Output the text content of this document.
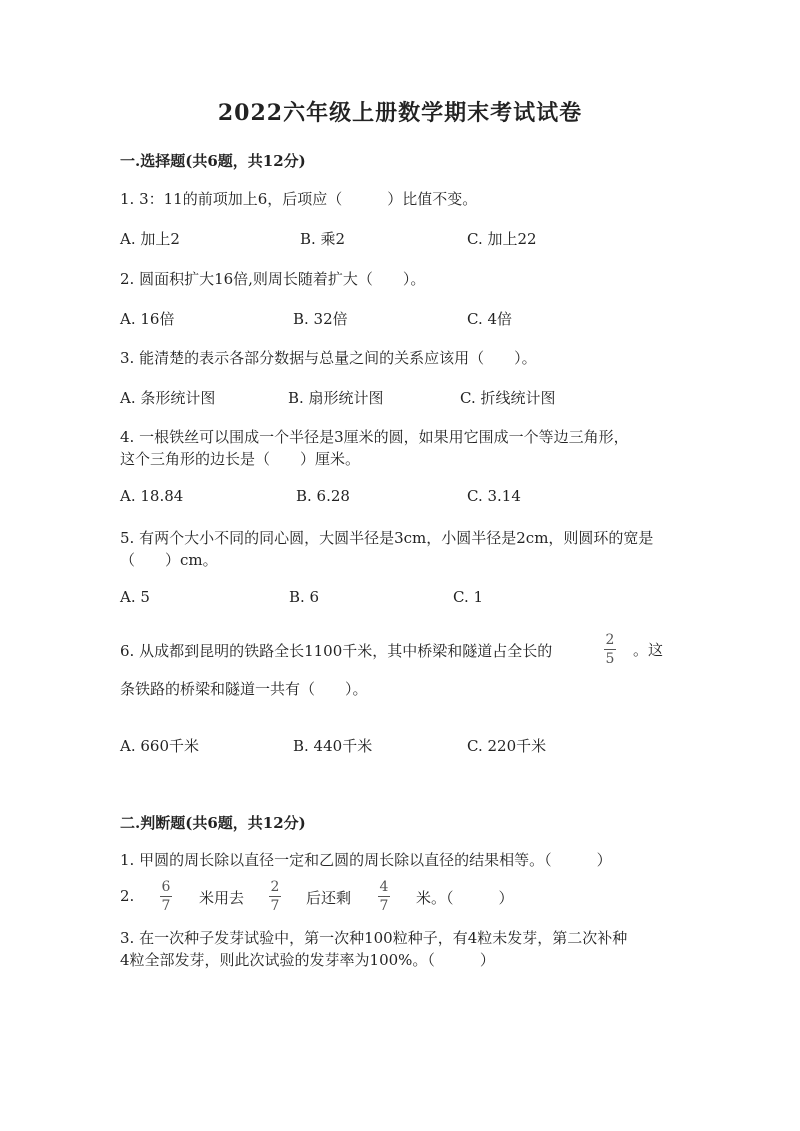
2022六年级上册数学期末考试试卷
一.选择题(共6题，共12分)
1. 3：11的前项加上6，后项应（　　　）比值不变。
A. 加上2	B. 乘2	C. 加上22
2. 圆面积扩大16倍,则周长随着扩大（　　）。
A. 16倍	B. 32倍	C. 4倍
3. 能清楚的表示各部分数据与总量之间的关系应该用（　　）。
A. 条形统计图	B. 扇形统计图	C. 折线统计图
4. 一根铁丝可以围成一个半径是3厘米的圆，如果用它围成一个等边三角形，
这个三角形的边长是（　　）厘米。
A. 18.84	B. 6.28	C. 3.14
5. 有两个大小不同的同心圆，大圆半径是3cm，小圆半径是2cm，则圆环的宽是
（　　）cm。
A. 5	B. 6	C. 1
6. 从成都到昆明的铁路全长1100千米，其中桥梁和隧道占全长的
2
5 。这
条铁路的桥梁和隧道一共有（　　）。
A. 660千米	B. 440千米	C. 220千米
二.判断题(共6题，共12分)
1. 甲圆的周长除以直径一定和乙圆的周长除以直径的结果相等。（　　　）
2. 6
7 米用去
2
7 后还剩
4
7 米。（　　　）
3. 在一次种子发芽试验中，第一次种100粒种子，有4粒未发芽，第二次补种
4粒全部发芽，则此次试验的发芽率为100%。（　　　）
